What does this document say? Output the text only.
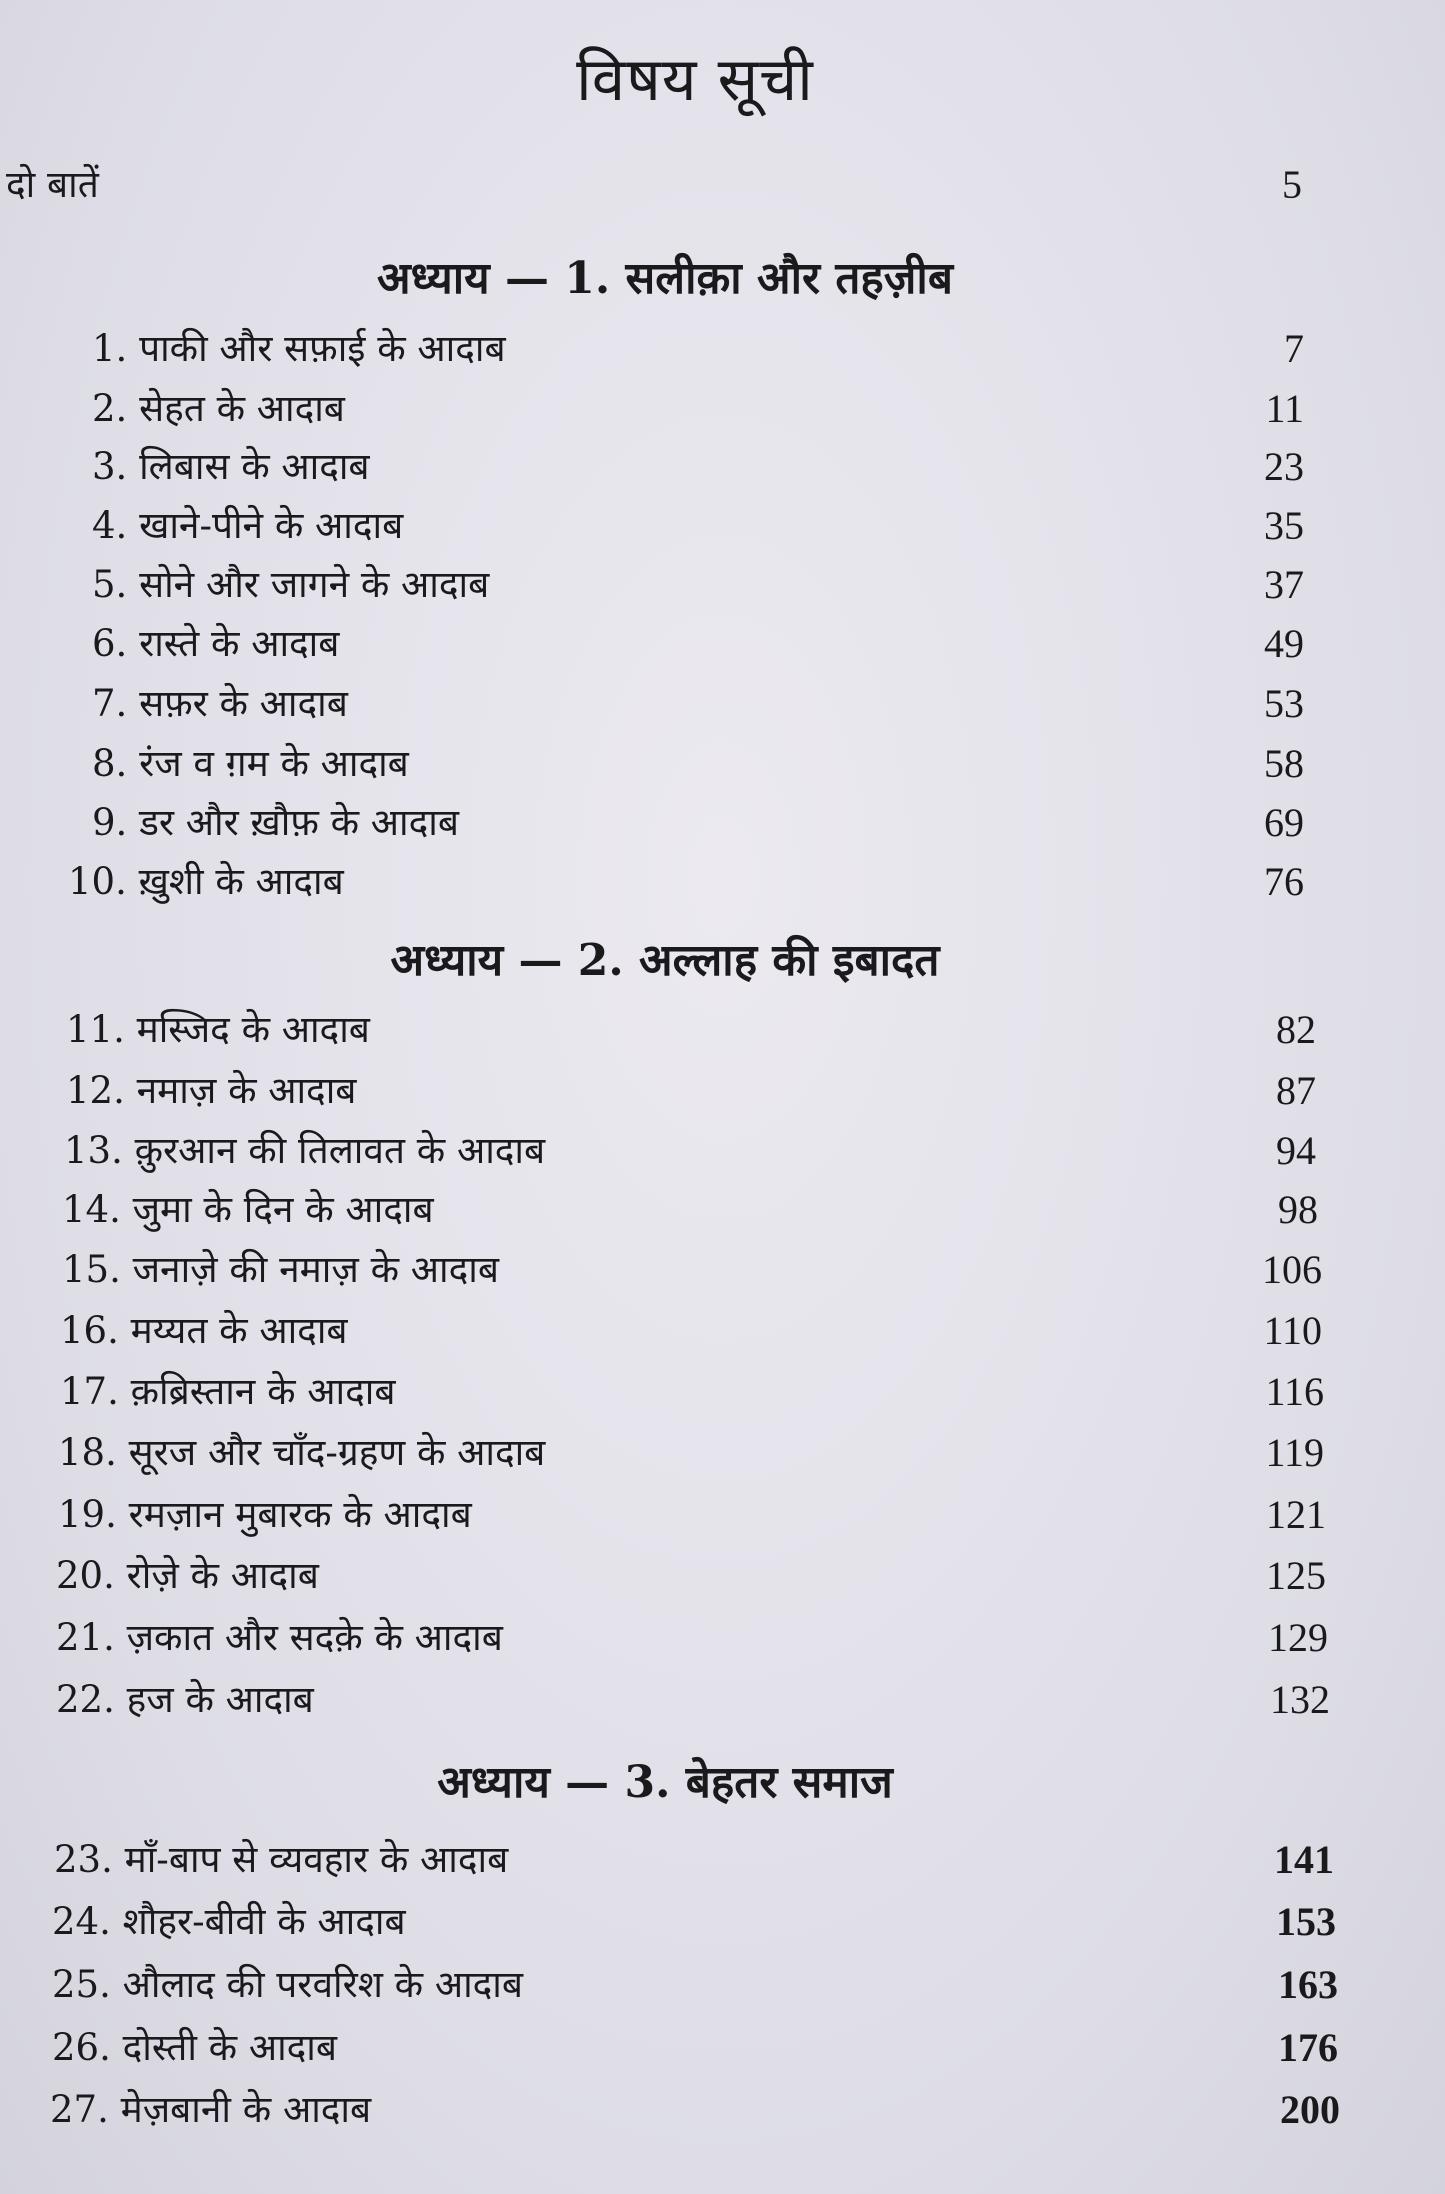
विषय सूची
दो बातें	5
अध्याय — 1. सलीक़ा और तहज़ीब
1. पाकी और सफ़ाई के आदाब	7
2. सेहत के आदाब	11
3. लिबास के आदाब	23
4. खाने-पीने के आदाब	35
5. सोने और जागने के आदाब	37
6. रास्ते के आदाब	49
7. सफ़र के आदाब	53
8. रंज व ग़म के आदाब	58
9. डर और ख़ौफ़ के आदाब	69
10. ख़ुशी के आदाब	76
अध्याय — 2. अल्लाह की इबादत
11. मस्जिद के आदाब	82
12. नमाज़ के आदाब	87
13. क़ुरआन की तिलावत के आदाब	94
14. जुमा के दिन के आदाब	98
15. जनाज़े की नमाज़ के आदाब	106
16. मय्यत के आदाब	110
17. क़ब्रिस्तान के आदाब	116
18. सूरज और चाँद-ग्रहण के आदाब	119
19. रमज़ान मुबारक के आदाब	121
20. रोज़े के आदाब	125
21. ज़कात और सदक़े के आदाब	129
22. हज के आदाब	132
अध्याय — 3. बेहतर समाज
23. माँ-बाप से व्यवहार के आदाब	141
24. शौहर-बीवी के आदाब	153
25. औलाद की परवरिश के आदाब	163
26. दोस्ती के आदाब	176
27. मेज़बानी के आदाब	200
